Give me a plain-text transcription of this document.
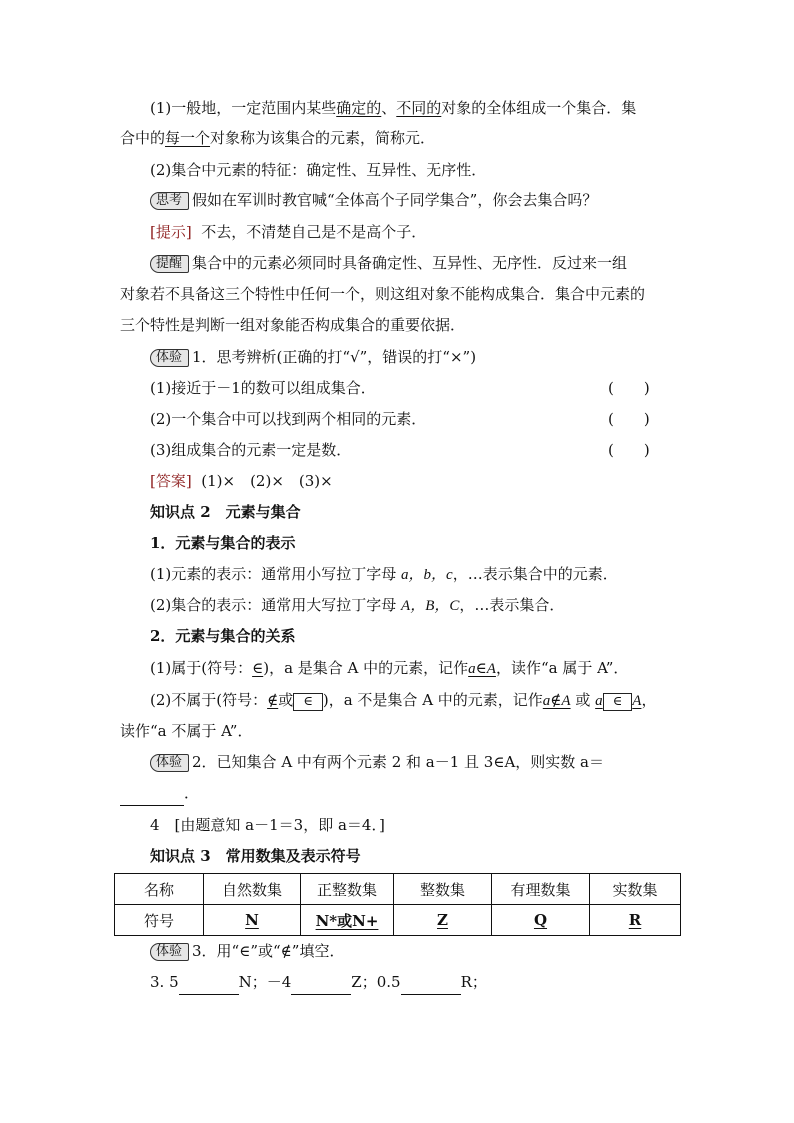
(1)一般地，一定范围内某些确定的、不同的对象的全体组成一个集合．集
合中的每一个对象称为该集合的元素，简称元．
(2)集合中元素的特征：确定性、互异性、无序性．
思考 假如在军训时教官喊“全体高个子同学集合”，你会去集合吗？
[提示] 不去，不清楚自己是不是高个子．
提醒 集合中的元素必须同时具备确定性、互异性、无序性．反过来一组
对象若不具备这三个特性中任何一个，则这组对象不能构成集合．集合中元素的
三个特性是判断一组对象能否构成集合的重要依据．
体验 1．思考辨析(正确的打“√”，错误的打“×”)
(1)接近于－1的数可以组成集合．	(　　)
(2)一个集合中可以找到两个相同的元素．	(　　)
(3)组成集合的元素一定是数．	(　　)
[答案] (1)×　(2)×　(3)×
知识点 2　元素与集合
1．元素与集合的表示
(1)元素的表示：通常用小写拉丁字母 a，b，c，…表示集合中的元素．
(2)集合的表示：通常用大写拉丁字母 A，B，C，…表示集合．
2．元素与集合的关系
(1)属于(符号：∈)，a 是集合 A 中的元素，记作a∈A，读作“a 属于 A”．
(2)不属于(符号：∉或 ∈ )，a 不是集合 A 中的元素，记作a∉A 或 a ∈ A，
读作“a 不属于 A”．
体验 2．已知集合 A 中有两个元素 2 和 a－1 且 3∈A，则实数 a＝
．
4　[由题意知 a－1＝3，即 a＝4．]
知识点 3　常用数集及表示符号
名称	自然数集	正整数集	整数集	有理数集	实数集
符号	N	N*或N+	Z	Q	R
体验 3．用“∈”或“∉”填空．
3. 5	N；－4	Z；0.5	R；
